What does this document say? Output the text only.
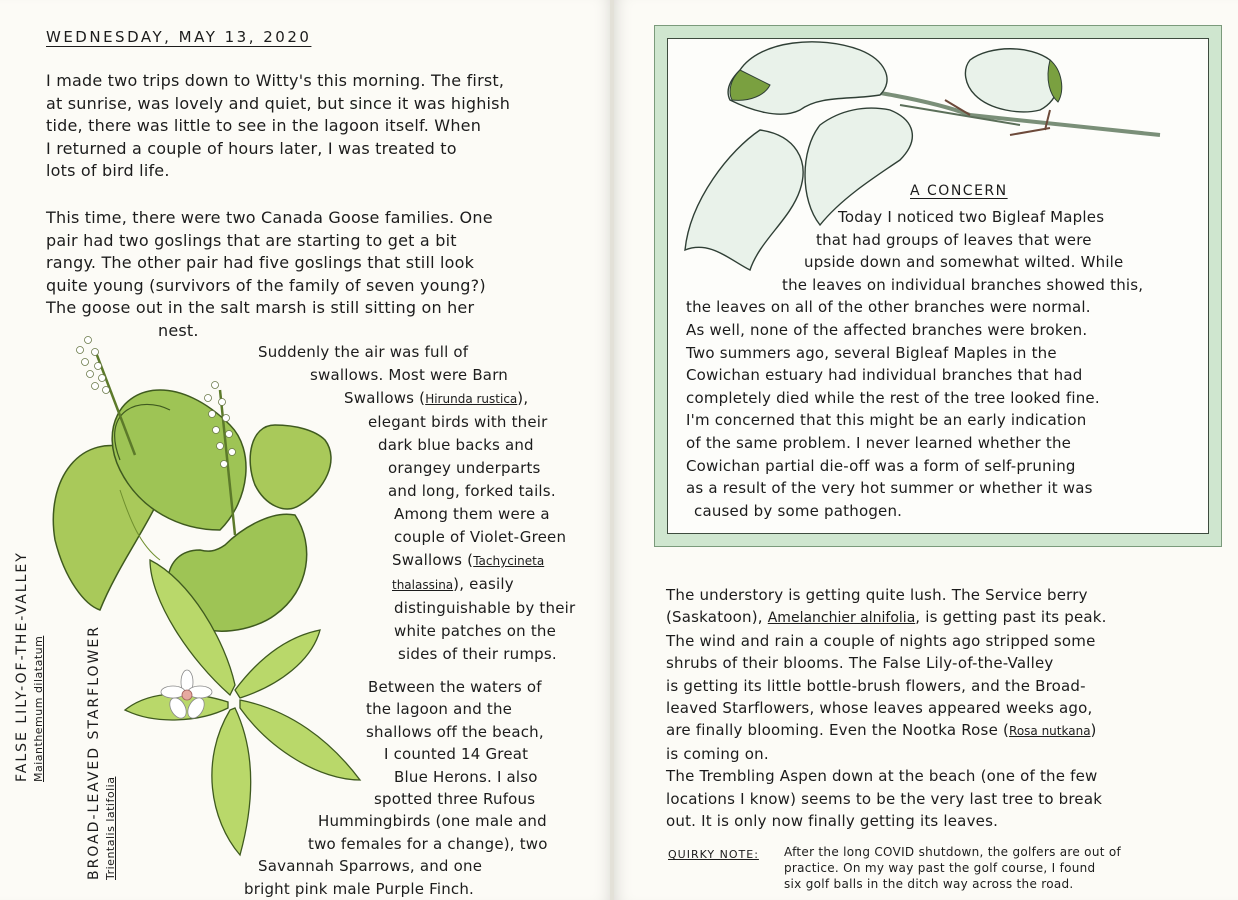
WEDNESDAY, MAY 13, 2020
I made two trips down to Witty's this morning. The first,
at sunrise, was lovely and quiet, but since it was highish
tide, there was little to see in the lagoon itself. When
I returned a couple of hours later, I was treated to
lots of bird life.
This time, there were two Canada Goose families. One
pair had two goslings that are starting to get a bit
rangy. The other pair had five goslings that still look
quite young (survivors of the family of seven young?)
The goose out in the salt marsh is still sitting on her
nest.
Suddenly the air was full of
swallows. Most were Barn
Swallows (Hirunda rustica),
elegant birds with their
dark blue backs and
orangey underparts
and long, forked tails.
Among them were a
couple of Violet-Green
Swallows (Tachycineta
thalassina), easily
distinguishable by their
white patches on the
sides of their rumps.
Between the waters of
the lagoon and the
shallows off the beach,
I counted 14 Great
Blue Herons. I also
spotted three Rufous
Hummingbirds (one male and
two females for a change), two
Savannah Sparrows, and one
bright pink male Purple Finch.
FALSE LILY-OF-THE-VALLEY Maianthemum dilatatum	BROAD-LEAVED STARFLOWER Trientalis latifolia
A CONCERN
Today I noticed two Bigleaf Maples
that had groups of leaves that were
upside down and somewhat wilted. While
the leaves on individual branches showed this,
the leaves on all of the other branches were normal.
As well, none of the affected branches were broken.
Two summers ago, several Bigleaf Maples in the
Cowichan estuary had individual branches that had
completely died while the rest of the tree looked fine.
I'm concerned that this might be an early indication
of the same problem. I never learned whether the
Cowichan partial die-off was a form of self-pruning
as a result of the very hot summer or whether it was
caused by some pathogen.
The understory is getting quite lush. The Service berry
(Saskatoon), Amelanchier alnifolia, is getting past its peak.
The wind and rain a couple of nights ago stripped some
shrubs of their blooms. The False Lily-of-the-Valley
is getting its little bottle-brush flowers, and the Broad-
leaved Starflowers, whose leaves appeared weeks ago,
are finally blooming. Even the Nootka Rose (Rosa nutkana)
is coming on.
The Trembling Aspen down at the beach (one of the few
locations I know) seems to be the very last tree to break
out. It is only now finally getting its leaves.
QUIRKY NOTE: After the long COVID shutdown, the golfers are out of
practice. On my way past the golf course, I found
six golf balls in the ditch way across the road.
